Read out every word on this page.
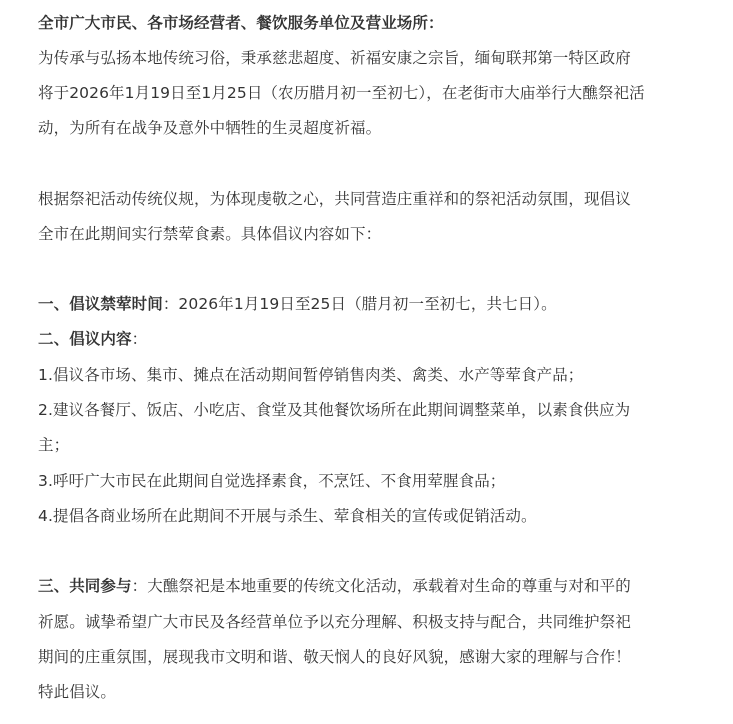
全市广大市民、各市场经营者、餐饮服务单位及营业场所：
为传承与弘扬本地传统习俗，秉承慈悲超度、祈福安康之宗旨，缅甸联邦第一特区政府
将于2026年1月19日至1月25日（农历腊月初一至初七），在老街市大庙举行大醮祭祀活
动，为所有在战争及意外中牺牲的生灵超度祈福。
根据祭祀活动传统仪规，为体现虔敬之心，共同营造庄重祥和的祭祀活动氛围，现倡议
全市在此期间实行禁荤食素。具体倡议内容如下：
一、倡议禁荤时间：2026年1月19日至25日（腊月初一至初七，共七日）。
二、倡议内容：
1.倡议各市场、集市、摊点在活动期间暂停销售肉类、禽类、水产等荤食产品；
2.建议各餐厅、饭店、小吃店、食堂及其他餐饮场所在此期间调整菜单，以素食供应为
主；
3.呼吁广大市民在此期间自觉选择素食，不烹饪、不食用荤腥食品；
4.提倡各商业场所在此期间不开展与杀生、荤食相关的宣传或促销活动。
三、共同参与：大醮祭祀是本地重要的传统文化活动，承载着对生命的尊重与对和平的
祈愿。诚挚希望广大市民及各经营单位予以充分理解、积极支持与配合，共同维护祭祀
期间的庄重氛围，展现我市文明和谐、敬天悯人的良好风貌，感谢大家的理解与合作！
特此倡议。
